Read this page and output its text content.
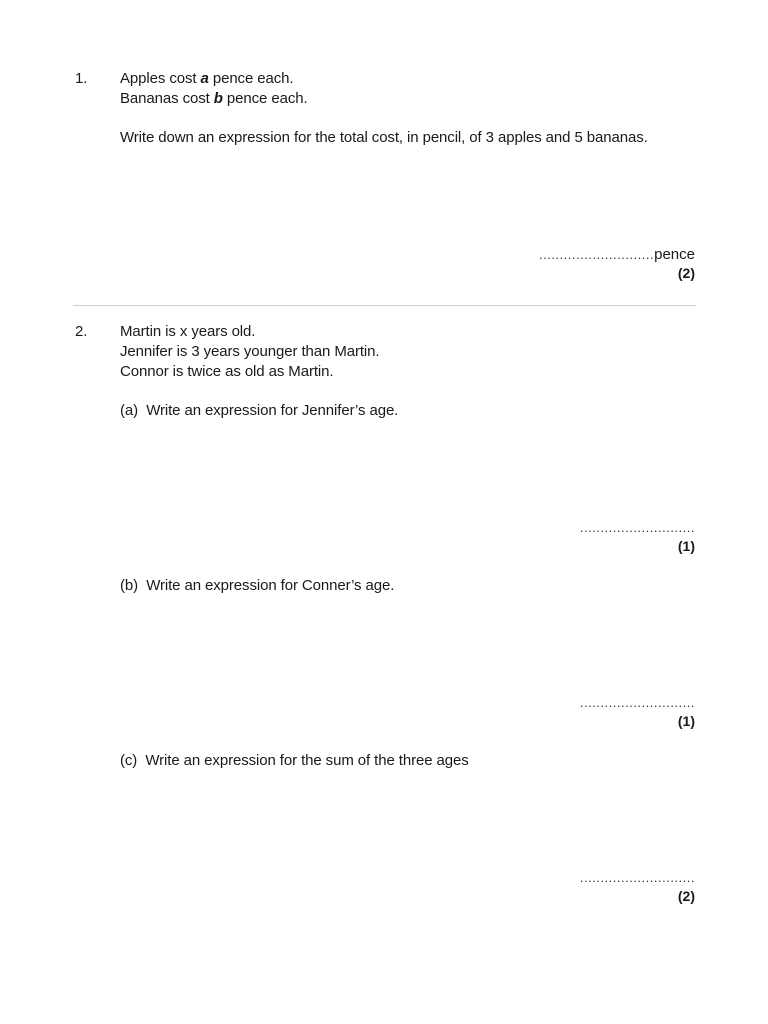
1. Apples cost a pence each.
Bananas cost b pence each.
Write down an expression for the total cost, in pencil, of 3 apples and 5 bananas.
............................pence
(2)
2. Martin is x years old.
Jennifer is 3 years younger than Martin.
Connor is twice as old as Martin.
(a) Write an expression for Jennifer’s age.
............................
(1)
(b) Write an expression for Conner’s age.
............................
(1)
(c) Write an expression for the sum of the three ages
............................
(2)
